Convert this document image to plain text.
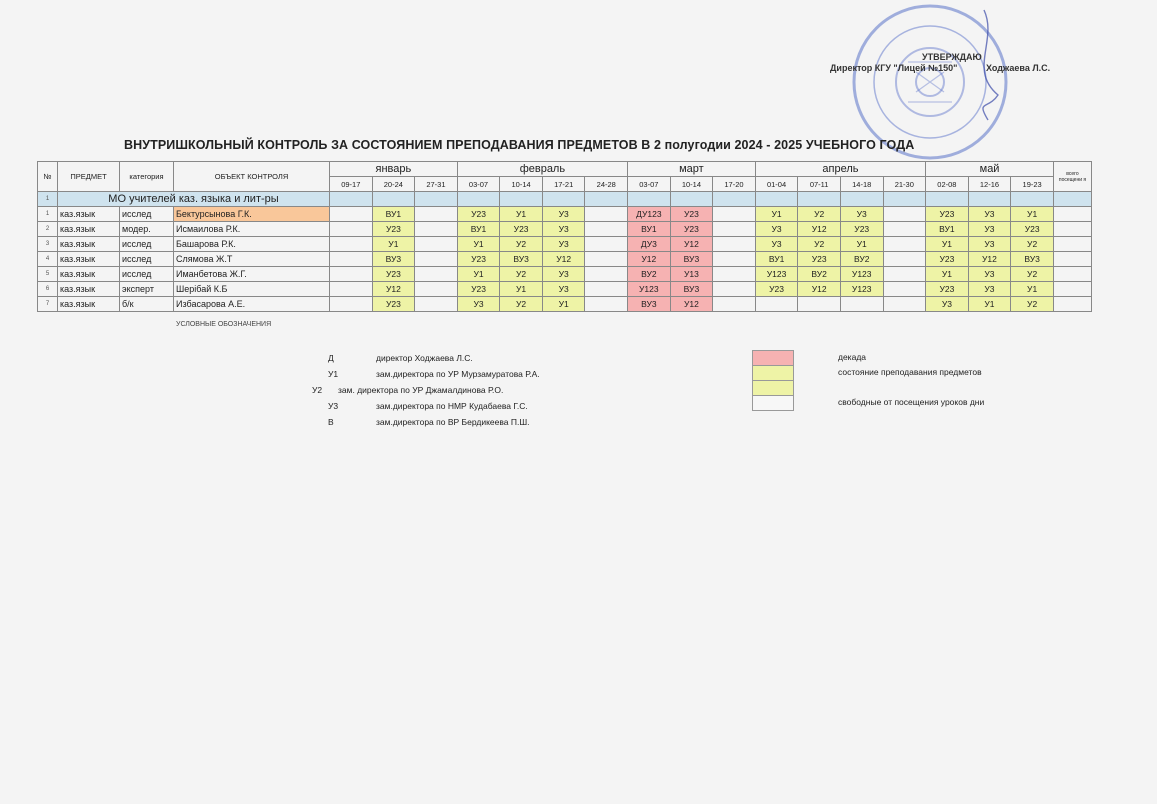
УТВЕРЖДАЮ
Директор КГУ "Лицей №150"	Ходжаева Л.С.
ВНУТРИШКОЛЬНЫЙ КОНТРОЛЬ ЗА СОСТОЯНИЕМ ПРЕПОДАВАНИЯ ПРЕДМЕТОВ В 2 полугодии 2024 - 2025 УЧЕБНОГО ГОДА
№	ПРЕДМЕТ	категория	ОБЪЕКТ КОНТРОЛЯ	январь			февраль				март			апрель				май			всего посещени я
				09-17	20-24	27-31	03-07	10-14	17-21	24-28	03-07	10-14	17-20	01-04	07-11	14-18	21-30	02-08	12-16	19-23	
1	МО учителей каз. языка и лит-ры																				
1	каз.язык	исслед	Бектурсынова Г.К.		ВУ1		У23	У1	У3		ДУ123	У23		У1	У2	У3		У23	У3	У1	
2	каз.язык	модер.	Исмаилова Р.К.		У23		ВУ1	У23	У3		ВУ1	У23		У3	У12	У23		ВУ1	У3	У23	
3	каз.язык	исслед	Башарова Р.К.		У1		У1	У2	У3		ДУ3	У12		У3	У2	У1		У1	У3	У2	
4	каз.язык	исслед	Слямова Ж.Т		ВУ3		У23	ВУ3	У12		У12	ВУ3		ВУ1	У23	ВУ2		У23	У12	ВУ3	
5	каз.язык	исслед	Иманбетова Ж.Г.		У23		У1	У2	У3		ВУ2	У13		У123	ВУ2	У123		У1	У3	У2	
6	каз.язык	эксперт	Шерібай К.Б		У12		У23	У1	У3		У123	ВУ3		У23	У12	У123		У23	У3	У1	
7	каз.язык	б/к	Избасарова А.Е.		У23		У3	У2	У1		ВУ3	У12						У3	У1	У2	
УСЛОВНЫЕ ОБОЗНАЧЕНИЯ
Д	директор Ходжаева Л.С.
У1	зам.директора по УР Мурзамуратова Р.А.
У2 зам. директора по УР Джамалдинова Р.О.
У3	зам.директора по НМР Кудабаева Г.С.
В	зам.директора по ВР Бердикеева П.Ш.
декада
состояние преподавания предметов
свободные от посещения уроков дни
